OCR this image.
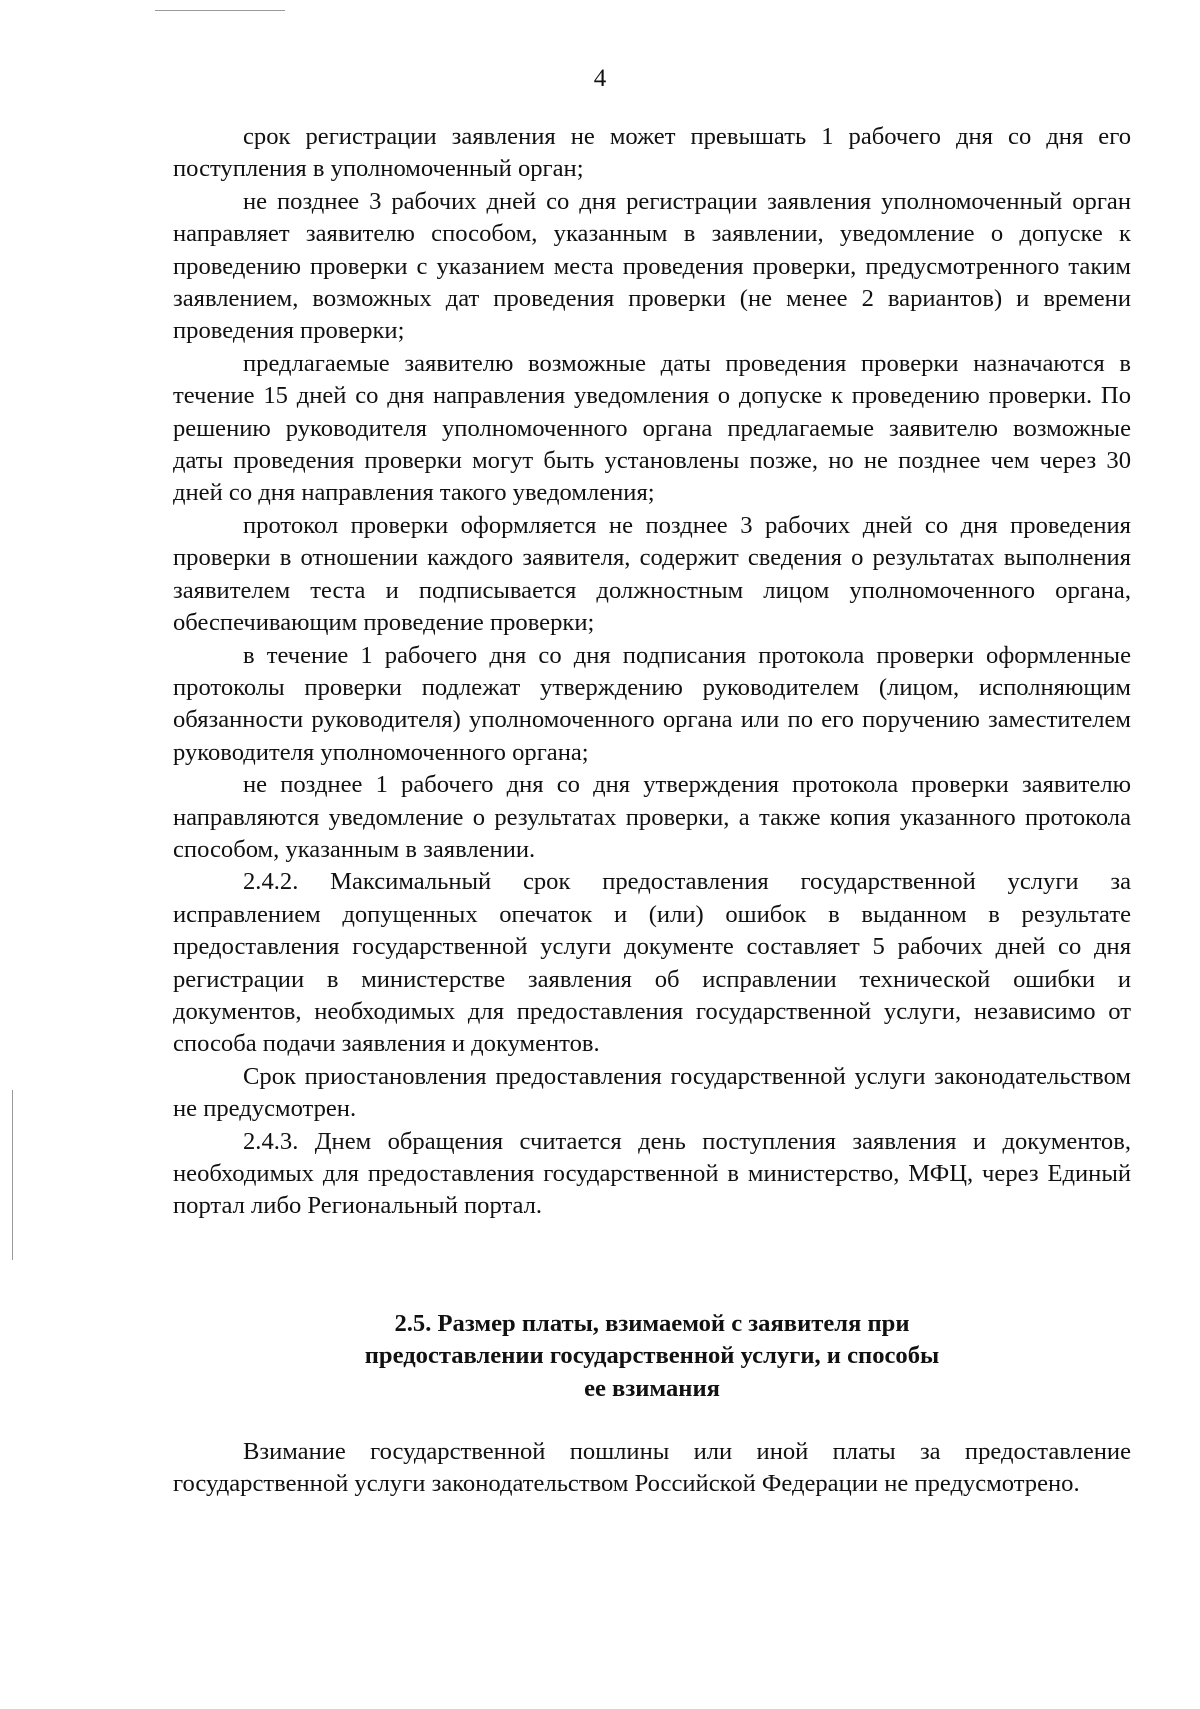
4

срок регистрации заявления не может превышать 1 рабочего дня со дня его поступления в уполномоченный орган;

не позднее 3 рабочих дней со дня регистрации заявления уполномоченный орган направляет заявителю способом, указанным в заявлении, уведомление о допуске к проведению проверки с указанием места проведения проверки, предусмотренного таким заявлением, возможных дат проведения проверки (не менее 2 вариантов) и времени проведения проверки;

предлагаемые заявителю возможные даты проведения проверки назначаются в течение 15 дней со дня направления уведомления о допуске к проведению проверки. По решению руководителя уполномоченного органа предлагаемые заявителю возможные даты проведения проверки могут быть установлены позже, но не позднее чем через 30 дней со дня направления такого уведомления;

протокол проверки оформляется не позднее 3 рабочих дней со дня проведения проверки в отношении каждого заявителя, содержит сведения о результатах выполнения заявителем теста и подписывается должностным лицом уполномоченного органа, обеспечивающим проведение проверки;

в течение 1 рабочего дня со дня подписания протокола проверки оформленные протоколы проверки подлежат утверждению руководителем (лицом, исполняющим обязанности руководителя) уполномоченного органа или по его поручению заместителем руководителя уполномоченного органа;

не позднее 1 рабочего дня со дня утверждения протокола проверки заявителю направляются уведомление о результатах проверки, а также копия указанного протокола способом, указанным в заявлении.

2.4.2. Максимальный срок предоставления государственной услуги за исправлением допущенных опечаток и (или) ошибок в выданном в результате предоставления государственной услуги документе составляет 5 рабочих дней со дня регистрации в министерстве заявления об исправлении технической ошибки и документов, необходимых для предоставления государственной услуги, независимо от способа подачи заявления и документов.

Срок приостановления предоставления государственной услуги законодательством не предусмотрен.

2.4.3. Днем обращения считается день поступления заявления и документов, необходимых для предоставления государственной в министерство, МФЦ, через Единый портал либо Региональный портал.

2.5. Размер платы, взимаемой с заявителя при
предоставлении государственной услуги, и способы
ее взимания

Взимание государственной пошлины или иной платы за предоставление государственной услуги законодательством Российской Федерации не предусмотрено.
